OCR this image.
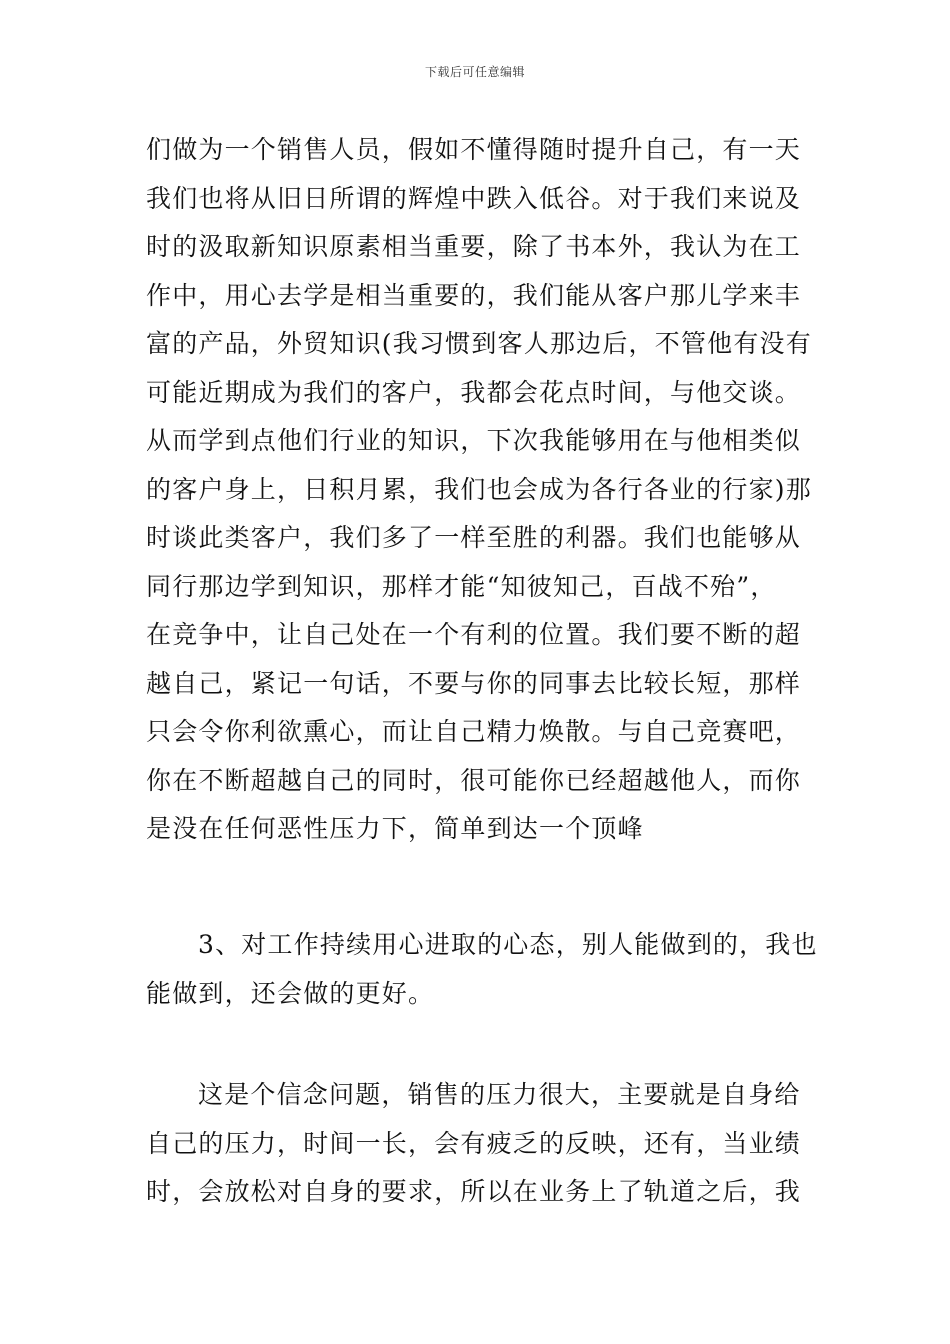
下载后可任意编辑
们做为一个销售人员，假如不懂得随时提升自己，有一天
我们也将从旧日所谓的辉煌中跌入低谷。对于我们来说及
时的汲取新知识原素相当重要，除了书本外，我认为在工
作中，用心去学是相当重要的，我们能从客户那儿学来丰
富的产品，外贸知识(我习惯到客人那边后，不管他有没有
可能近期成为我们的客户，我都会花点时间，与他交谈。
从而学到点他们行业的知识，下次我能够用在与他相类似
的客户身上，日积月累，我们也会成为各行各业的行家)那
时谈此类客户，我们多了一样至胜的利器。我们也能够从
同行那边学到知识，那样才能“知彼知己，百战不殆”，
在竞争中，让自己处在一个有利的位置。我们要不断的超
越自己，紧记一句话，不要与你的同事去比较长短，那样
只会令你利欲熏心，而让自己精力焕散。与自己竞赛吧，
你在不断超越自己的同时，很可能你已经超越他人，而你
是没在任何恶性压力下，简单到达一个顶峰
3、对工作持续用心进取的心态，别人能做到的，我也
能做到，还会做的更好。
这是个信念问题，销售的压力很大，主要就是自身给
自己的压力，时间一长，会有疲乏的反映，还有，当业绩
时，会放松对自身的要求，所以在业务上了轨道之后，我
